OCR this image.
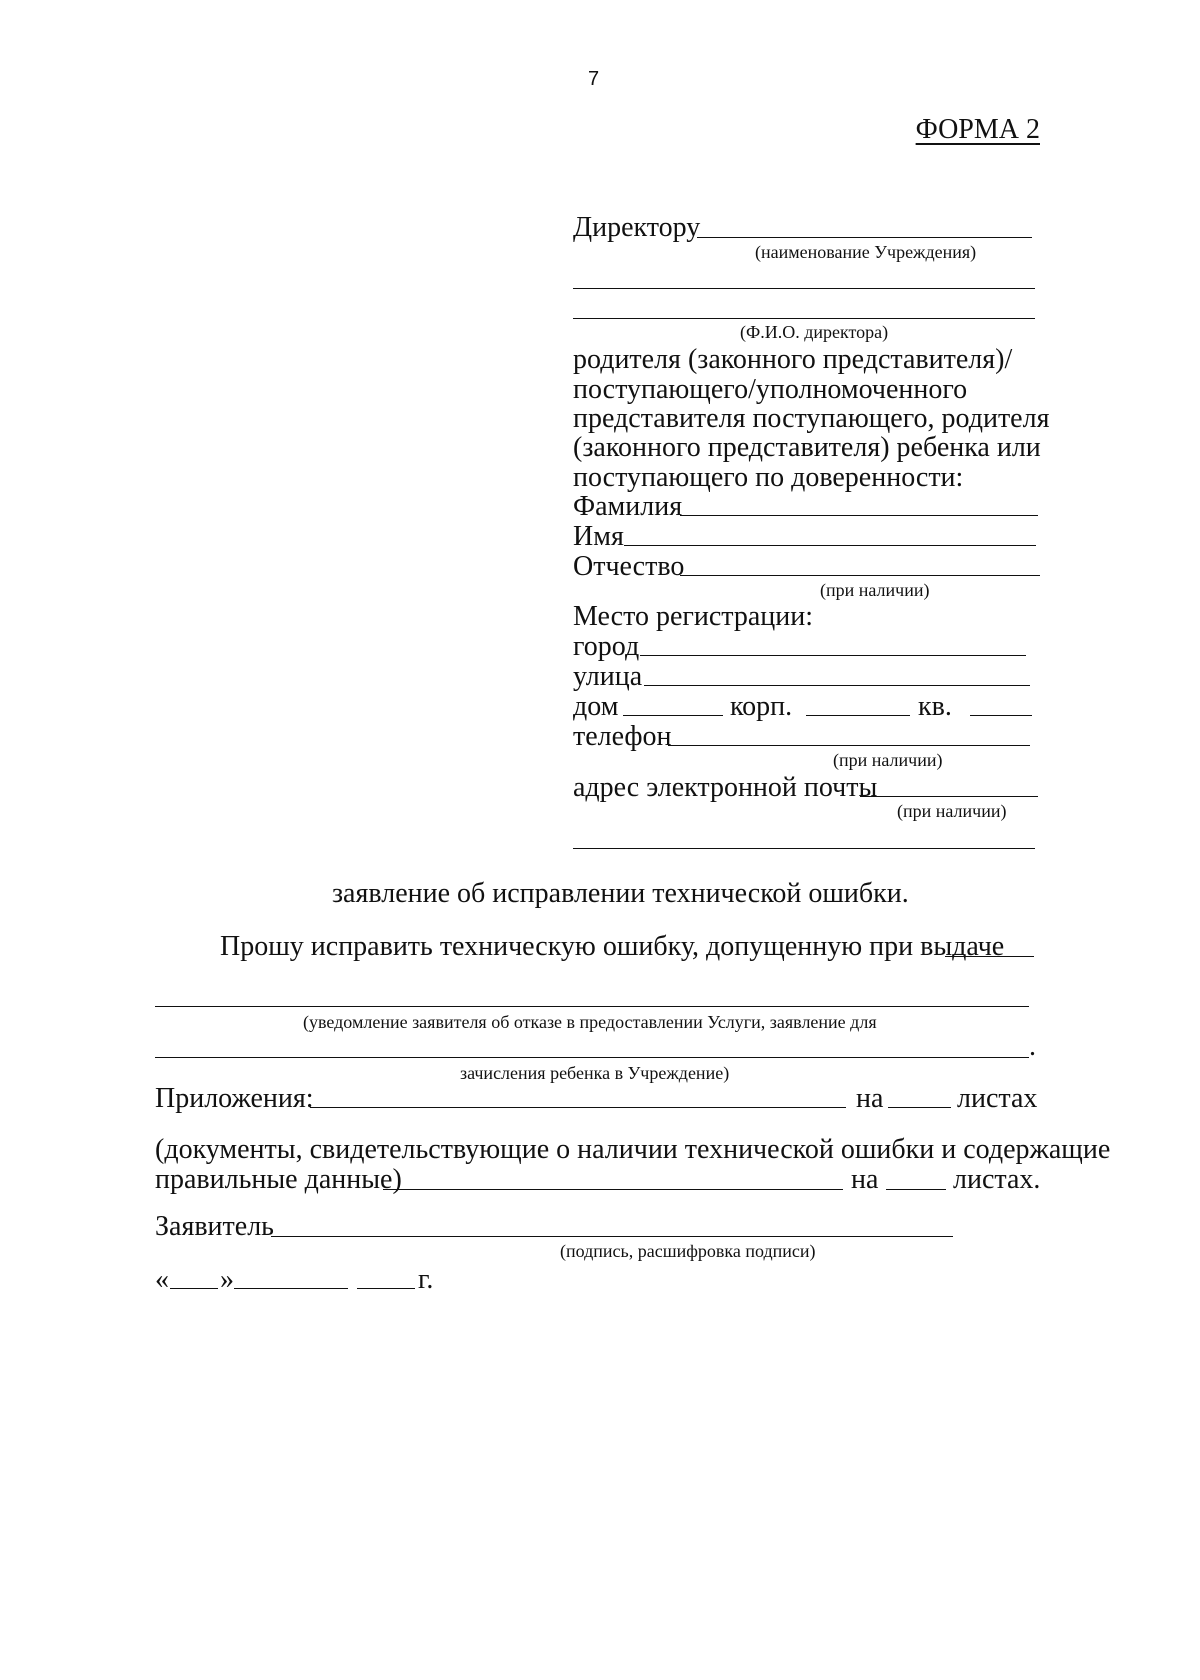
7
ФОРМА 2
Директору
(наименование Учреждения)
(Ф.И.О. директора)
родителя (законного представителя)/
поступающего/уполномоченного
представителя поступающего, родителя
(законного представителя) ребенка или
поступающего по доверенности:
Фамилия
Имя
Отчество
(при наличии)
Место регистрации:
город
улица
дом	корп.	кв.
телефон
(при наличии)
адрес электронной почты
(при наличии)
заявление об исправлении технической ошибки.
Прошу исправить техническую ошибку, допущенную при выдаче
(уведомление заявителя об отказе в предоставлении Услуги, заявление для
.
зачисления ребенка в Учреждение)
Приложения:	на	листах
(документы, свидетельствующие о наличии технической ошибки и содержащие
правильные данные)	на	листах.
Заявитель
(подпись, расшифровка подписи)
« »	г.
